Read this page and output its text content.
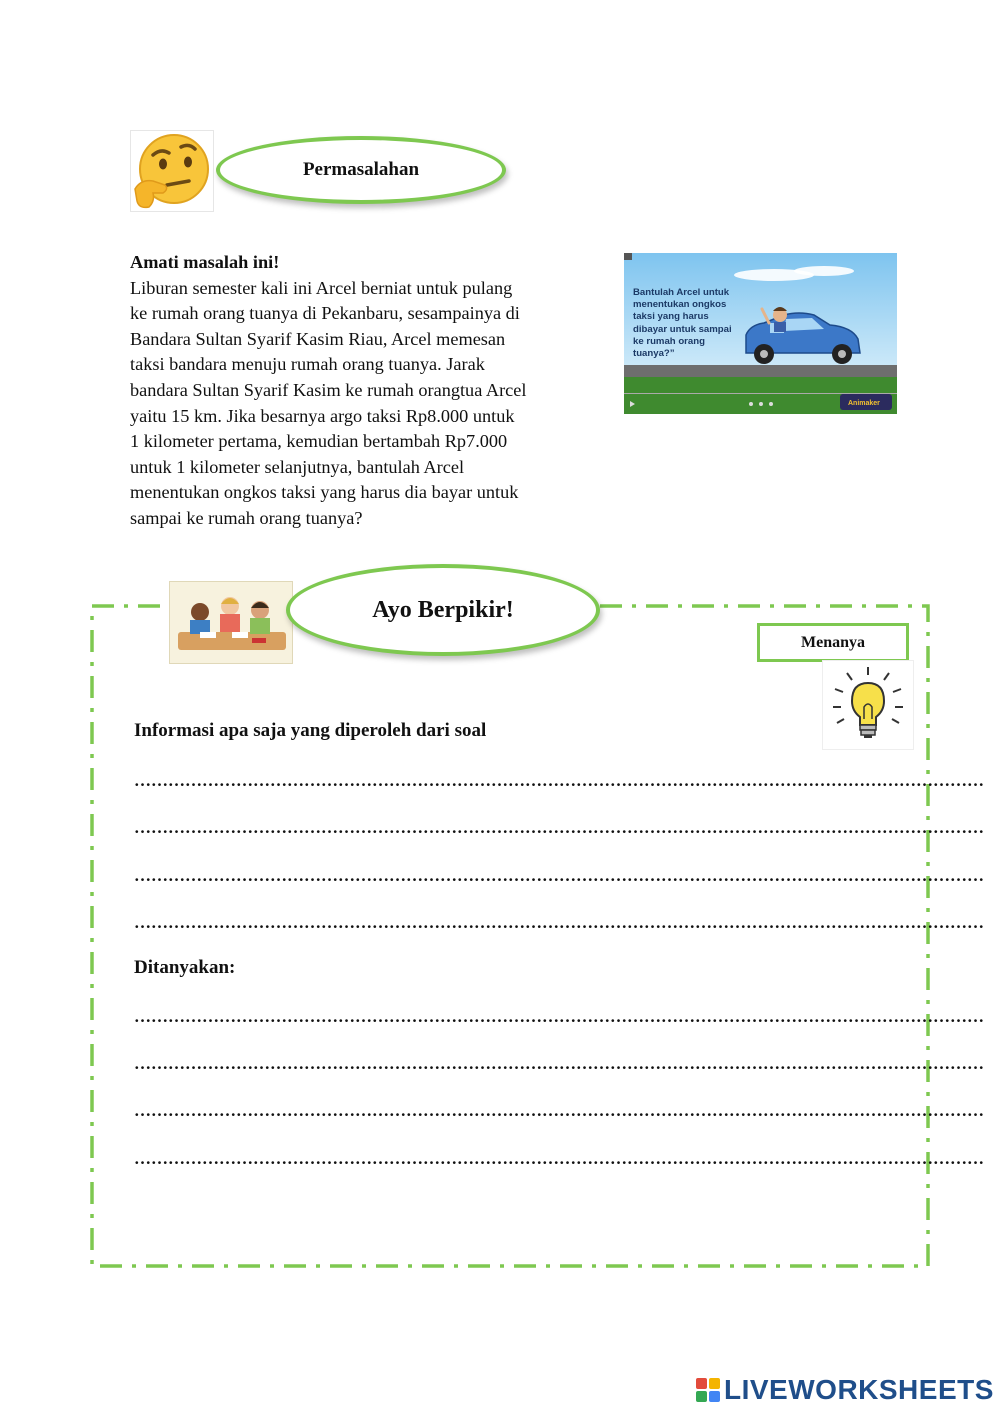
Permasalahan
Amati masalah ini!
Liburan semester kali ini Arcel berniat untuk pulang
ke rumah orang tuanya di Pekanbaru, sesampainya di
Bandara Sultan Syarif Kasim Riau, Arcel memesan
taksi bandara menuju rumah orang tuanya. Jarak
bandara Sultan Syarif Kasim ke rumah orangtua Arcel
yaitu 15 km. Jika besarnya argo taksi Rp8.000 untuk
1 kilometer pertama, kemudian bertambah Rp7.000
untuk 1 kilometer selanjutnya, bantulah Arcel
menentukan ongkos taksi yang harus dia bayar untuk
sampai ke rumah orang tuanya?
Animaker
Bantulah Arcel untuk
menentukan ongkos
taksi yang harus
dibayar untuk sampai
ke rumah orang
tuanya?”
Ayo Berpikir!
Menanya
Informasi apa saja yang diperoleh dari soal
……………………………………………………………………………………………………………………………………
……………………………………………………………………………………………………………………………………
……………………………………………………………………………………………………………………………………
……………………………………………………………………………………………………………………………………
Ditanyakan:
……………………………………………………………………………………………………………………………………
……………………………………………………………………………………………………………………………………
……………………………………………………………………………………………………………………………………
……………………………………………………………………………………………………………………………………
LIVEWORKSHEETS
